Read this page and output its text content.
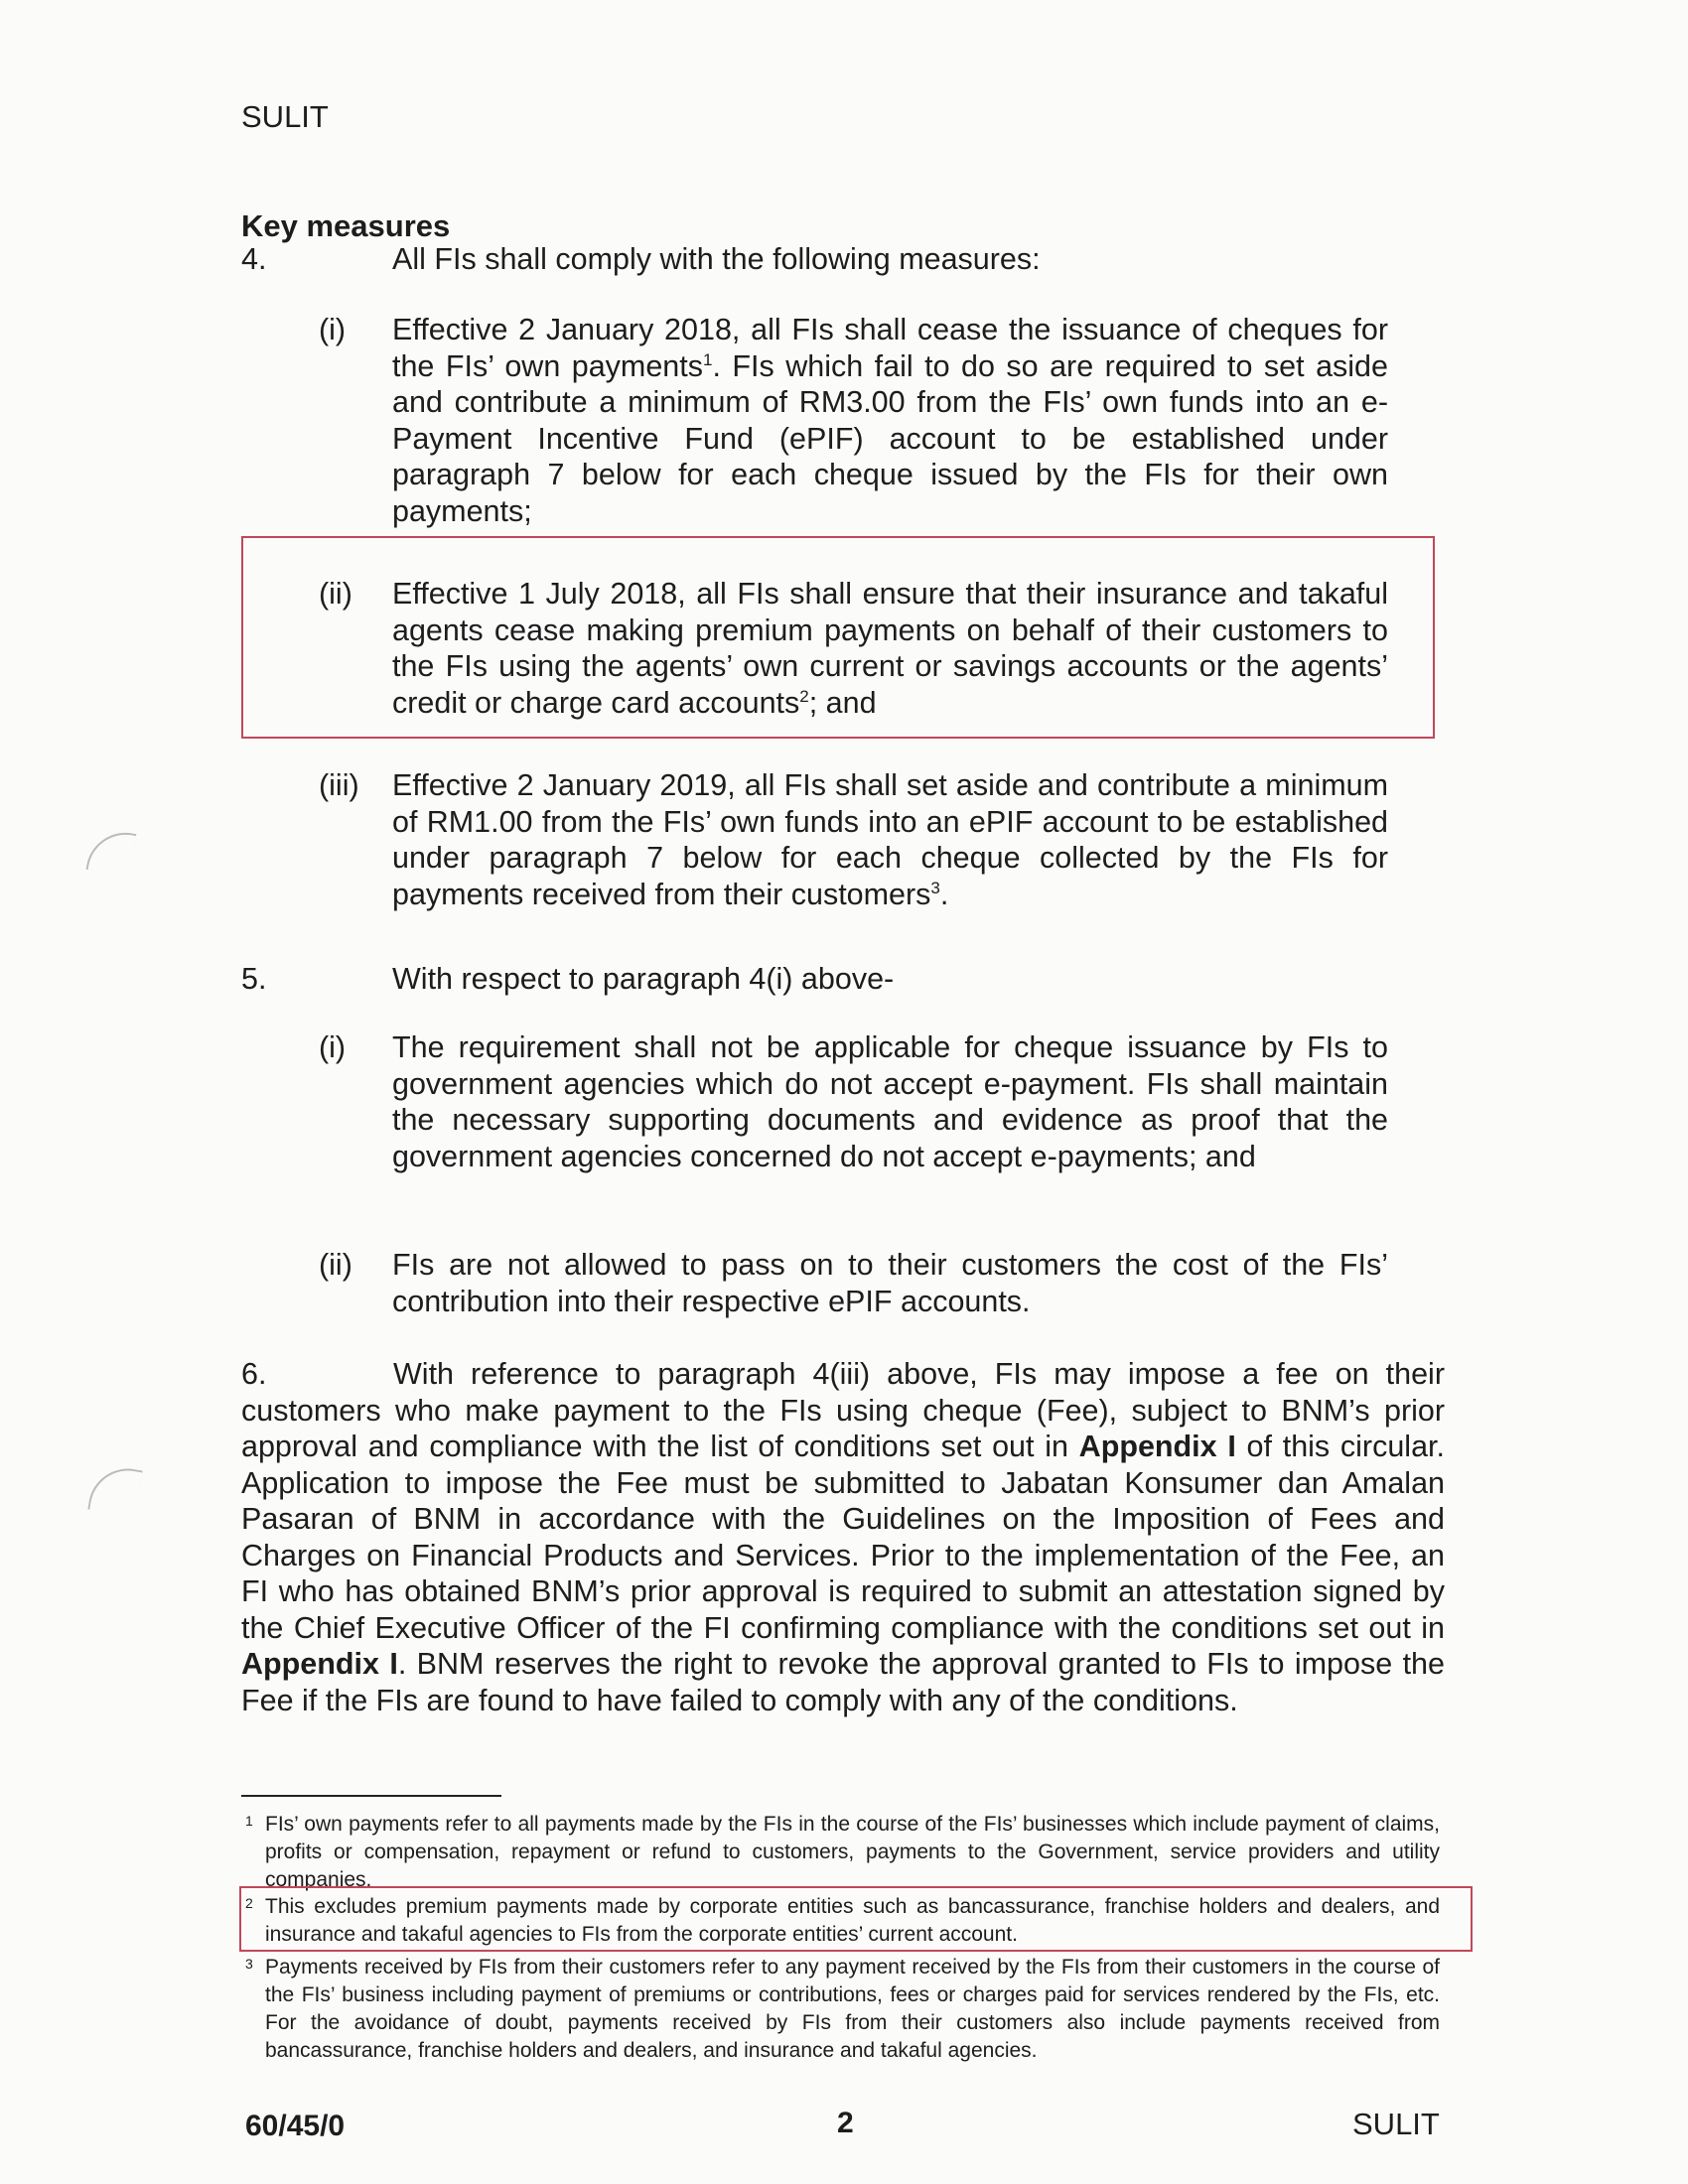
SULIT
Key measures
4.	All FIs shall comply with the following measures:
(i) Effective 2 January 2018, all FIs shall cease the issuance of cheques for the FIs’ own payments$^1$. FIs which fail to do so are required to set aside and contribute a minimum of RM3.00 from the FIs’ own funds into an e-Payment Incentive Fund (ePIF) account to be established under paragraph 7 below for each cheque issued by the FIs for their own payments;
(ii) Effective 1 July 2018, all FIs shall ensure that their insurance and takaful agents cease making premium payments on behalf of their customers to the FIs using the agents’ own current or savings accounts or the agents’ credit or charge card accounts$^2$; and
(iii) Effective 2 January 2019, all FIs shall set aside and contribute a minimum of RM1.00 from the FIs’ own funds into an ePIF account to be established under paragraph 7 below for each cheque collected by the FIs for payments received from their customers$^3$.
5.	With respect to paragraph 4(i) above-
(i) The requirement shall not be applicable for cheque issuance by FIs to government agencies which do not accept e-payment. FIs shall maintain the necessary supporting documents and evidence as proof that the government agencies concerned do not accept e-payments; and
(ii) FIs are not allowed to pass on to their customers the cost of the FIs’ contribution into their respective ePIF accounts.
6.	With reference to paragraph 4(iii) above, FIs may impose a fee on their customers who make payment to the FIs using cheque (Fee), subject to BNM’s prior approval and compliance with the list of conditions set out in Appendix I of this circular. Application to impose the Fee must be submitted to Jabatan Konsumer dan Amalan Pasaran of BNM in accordance with the Guidelines on the Imposition of Fees and Charges on Financial Products and Services. Prior to the implementation of the Fee, an FI who has obtained BNM’s prior approval is required to submit an attestation signed by the Chief Executive Officer of the FI confirming compliance with the conditions set out in Appendix I. BNM reserves the right to revoke the approval granted to FIs to impose the Fee if the FIs are found to have failed to comply with any of the conditions.
1 FIs’ own payments refer to all payments made by the FIs in the course of the FIs’ businesses which include payment of claims, profits or compensation, repayment or refund to customers, payments to the Government, service providers and utility companies.
2 This excludes premium payments made by corporate entities such as bancassurance, franchise holders and dealers, and insurance and takaful agencies to FIs from the corporate entities’ current account.
3 Payments received by FIs from their customers refer to any payment received by the FIs from their customers in the course of the FIs’ business including payment of premiums or contributions, fees or charges paid for services rendered by the FIs, etc. For the avoidance of doubt, payments received by FIs from their customers also include payments received from bancassurance, franchise holders and dealers, and insurance and takaful agencies.
60/45/0	2	SULIT
